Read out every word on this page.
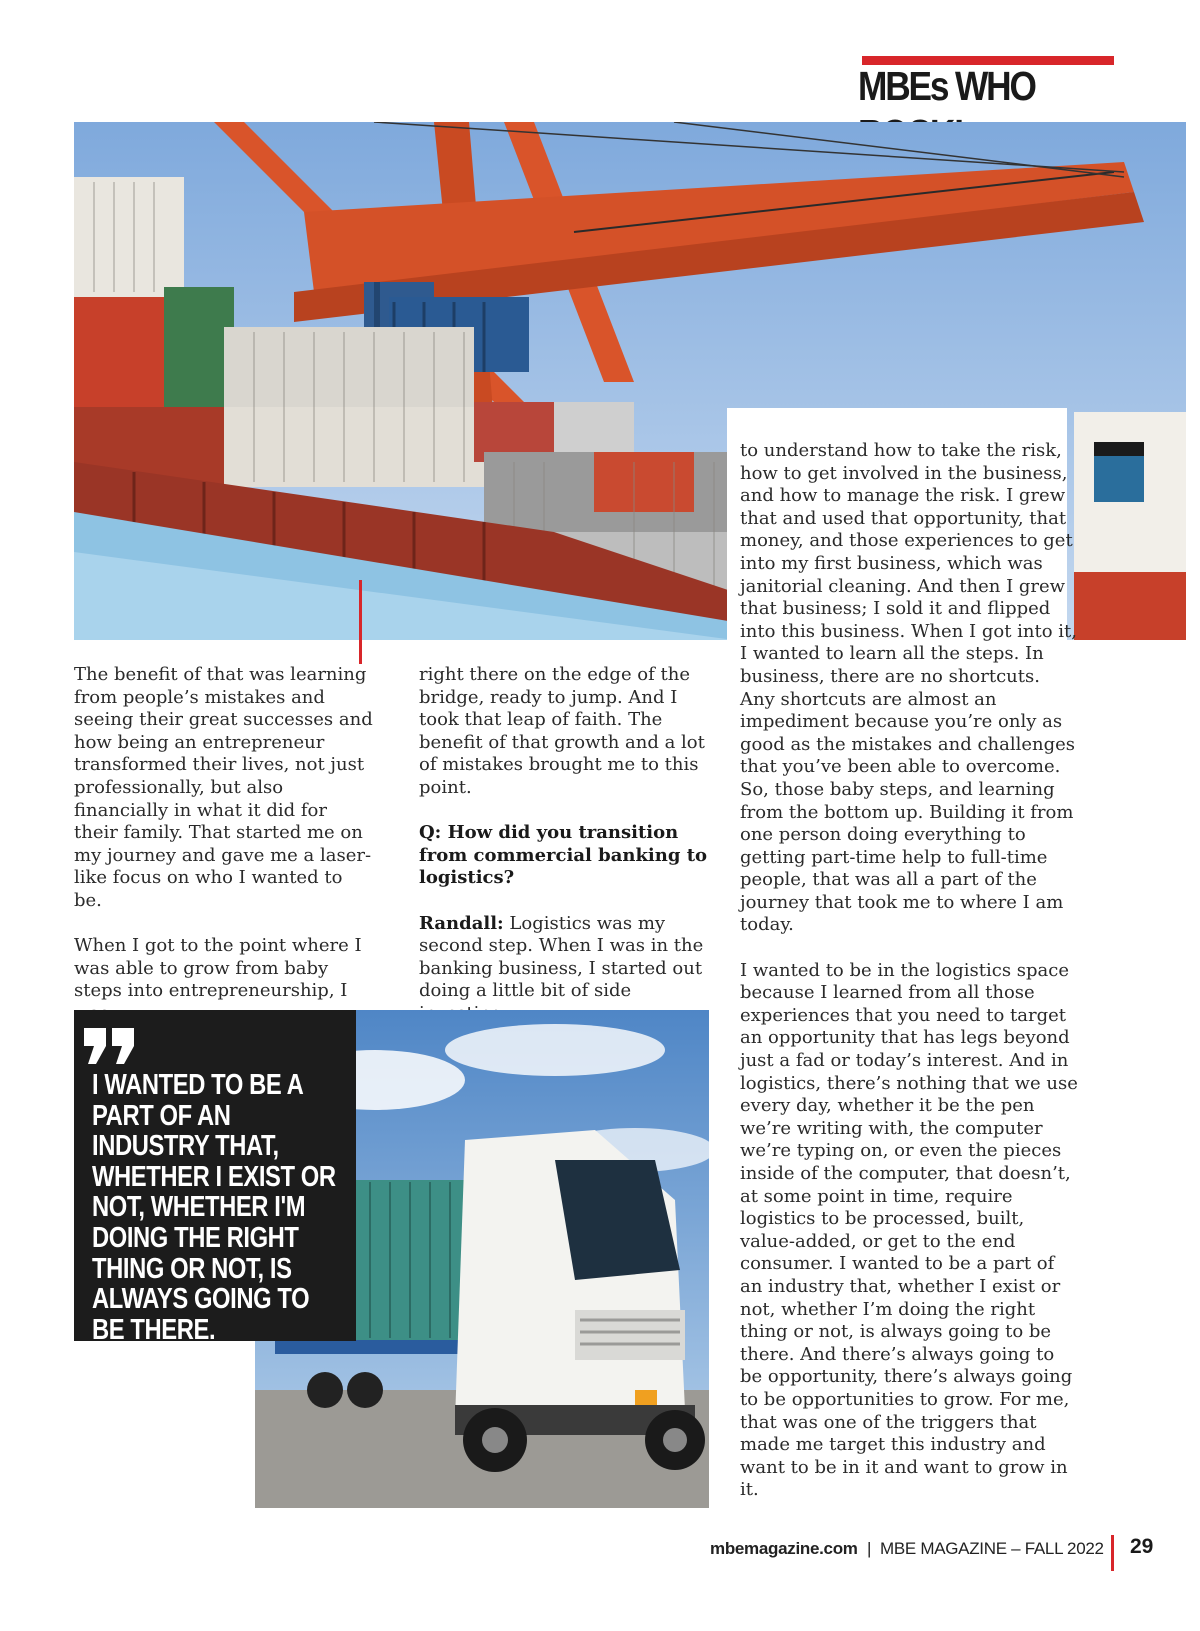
MBEs WHO

The benefit of that was learning from people’s mistakes and seeing their great successes and how being an entrepreneur transformed their lives, not just professionally, but also financially in what it did for their family. That started me on my journey and gave me a laser-like focus on who I wanted to be.

When I got to the point where I was able to grow from baby steps into entrepreneurship, I

right there on the edge of the bridge, ready to jump. And I took that leap of faith. The benefit of that growth and a lot of mistakes brought me to this point.

Q: How did you transition from commercial banking to logistics?

Randall: Logistics was my second step. When I was in the banking business, I started out doing a little bit of side

to understand how to take the risk, how to get involved in the business, and how to manage the risk. I grew that and used that opportunity, that money, and those experiences to get into my first business, which was janitorial cleaning. And then I grew that business; I sold it and flipped into this business. When I got into it, I wanted to learn all the steps. In business, there are no shortcuts. Any shortcuts are almost an impediment because you’re only as good as the mistakes and challenges that you’ve been able to overcome. So, those baby steps, and learning from the bottom up. Building it from one person doing everything to getting part-time help to full-time people, that was all a part of the journey that took me to where I am today.

I wanted to be in the logistics space because I learned from all those experiences that you need to target an opportunity that has legs beyond just a fad or today’s interest. And in logistics, there’s nothing that we use every day, whether it be the pen we’re writing with, the computer we’re typing on, or even the pieces inside of the computer, that doesn’t, at some point in time, require logistics to be processed, built, value-added, or get to the end consumer. I wanted to be a part of an industry that, whether I exist or not, whether I’m doing the right thing or not, is always going to be there. And there’s always going to be opportunity, there’s always going to be opportunities to grow. For me, that was one of the triggers that made me target this industry and want to be in it and want to grow in it.

I WANTED TO BE A PART OF AN INDUSTRY THAT, WHETHER I EXIST OR NOT, WHETHER I'M DOING THE RIGHT THING OR NOT, IS ALWAYS GOING TO BE THERE.
mbemagazine.com | MBE MAGAZINE – FALL 2022 29
